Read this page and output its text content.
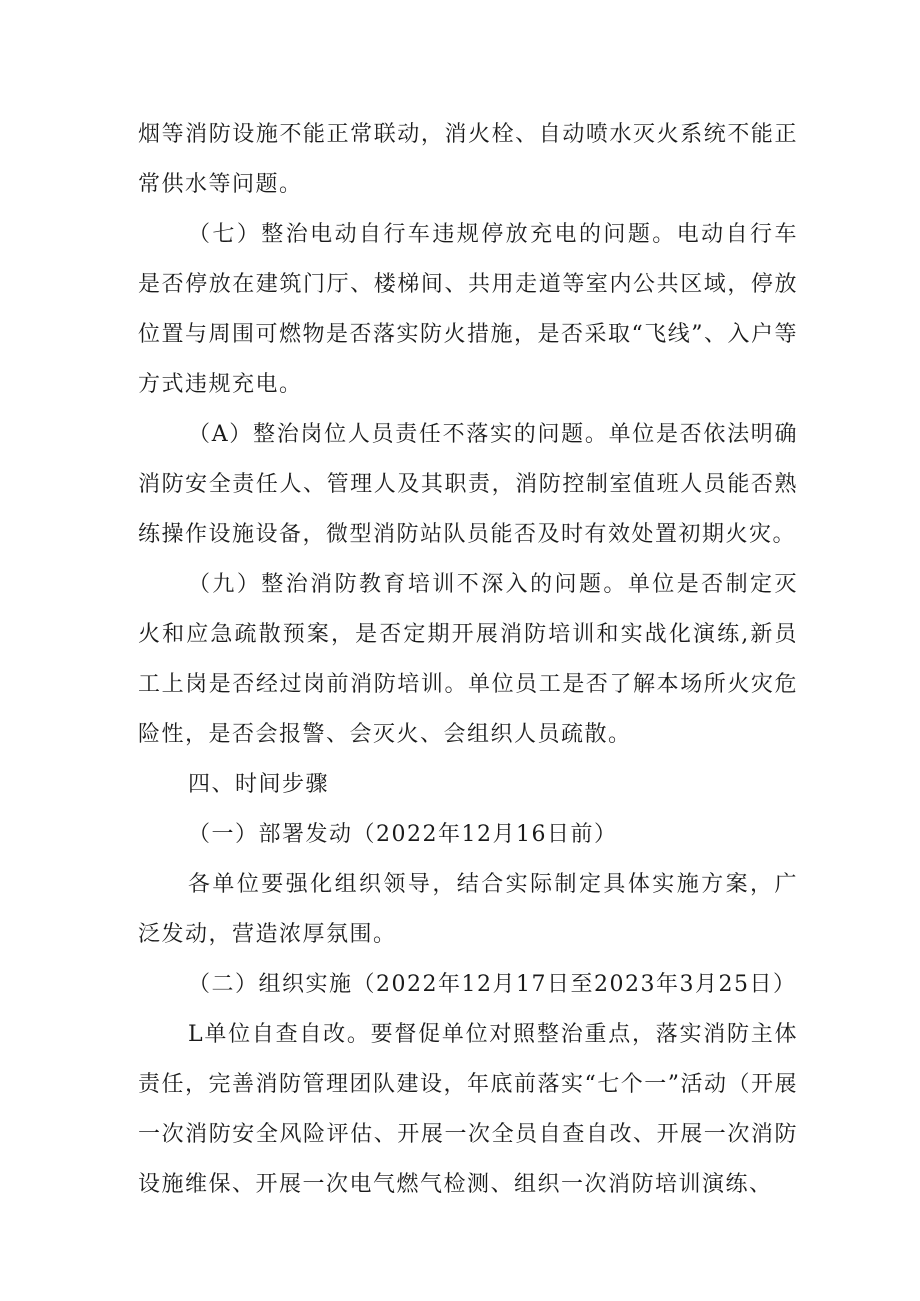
烟等消防设施不能正常联动，消火栓、自动喷水灭火系统不能正常供水等问题。

（七）整治电动自行车违规停放充电的问题。电动自行车是否停放在建筑门厅、楼梯间、共用走道等室内公共区域，停放位置与周围可燃物是否落实防火措施，是否采取“飞线”、入户等方式违规充电。

（A）整治岗位人员责任不落实的问题。单位是否依法明确消防安全责任人、管理人及其职责，消防控制室值班人员能否熟练操作设施设备，微型消防站队员能否及时有效处置初期火灾。

（九）整治消防教育培训不深入的问题。单位是否制定灭火和应急疏散预案，是否定期开展消防培训和实战化演练,新员工上岗是否经过岗前消防培训。单位员工是否了解本场所火灾危险性，是否会报警、会灭火、会组织人员疏散。

四、时间步骤

（一）部署发动（2022年12月16日前）

各单位要强化组织领导，结合实际制定具体实施方案，广泛发动，营造浓厚氛围。

（二）组织实施（2022年12月17日至2023年3月25日）

L单位自查自改。要督促单位对照整治重点，落实消防主体责任，完善消防管理团队建设，年底前落实“七个一”活动（开展一次消防安全风险评估、开展一次全员自查自改、开展一次消防设施维保、开展一次电气燃气检测、组织一次消防培训演练、
